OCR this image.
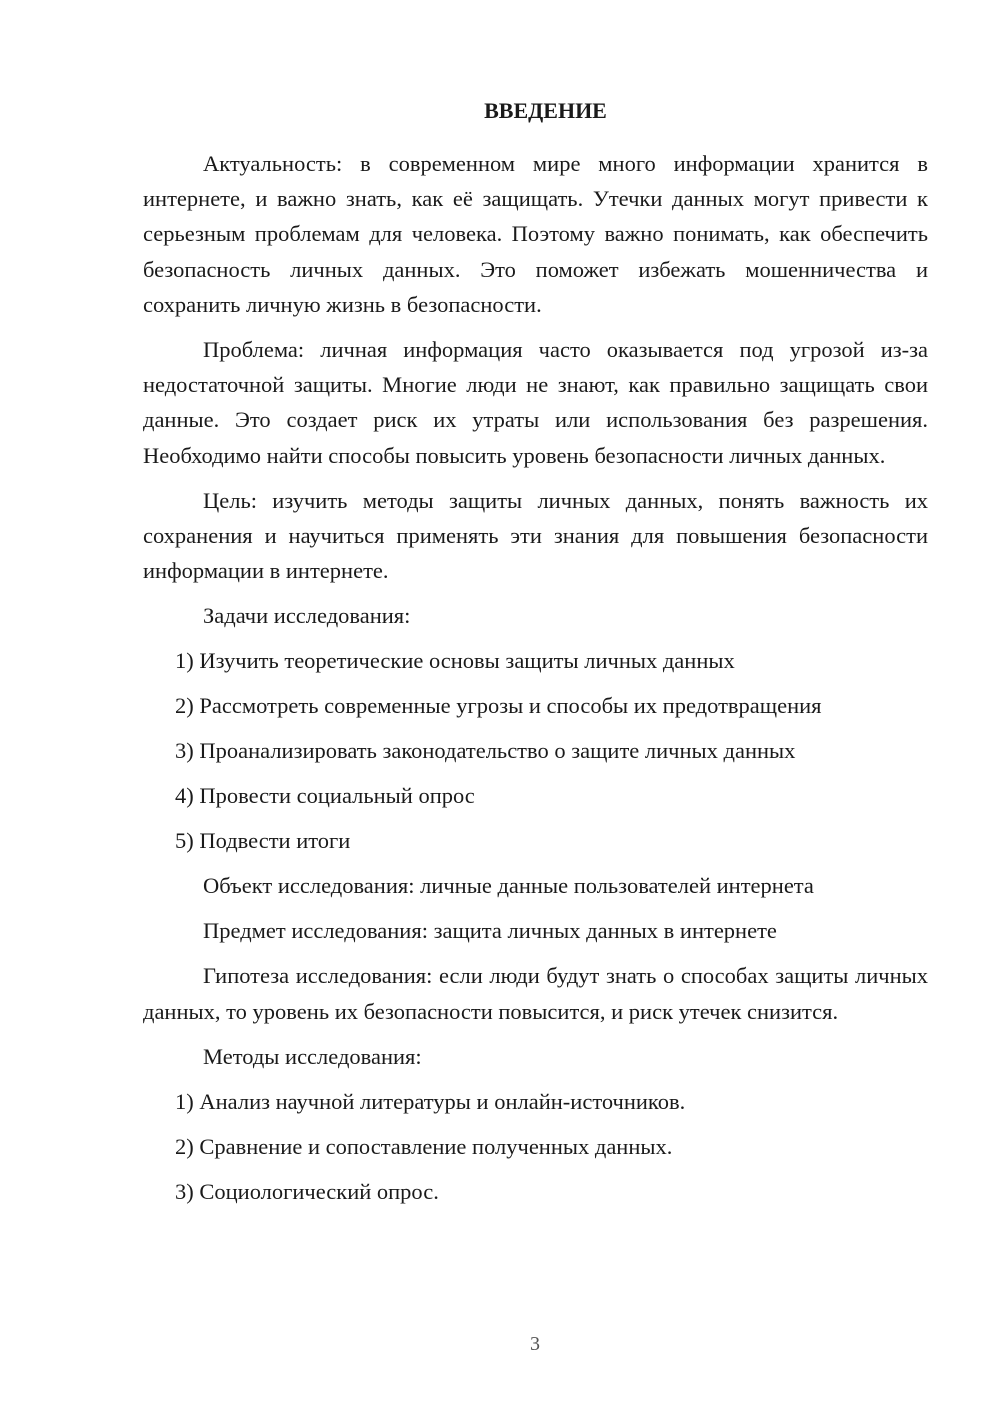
ВВЕДЕНИЕ

Актуальность: в современном мире много информации хранится в интернете, и важно знать, как её защищать. Утечки данных могут привести к серьезным проблемам для человека. Поэтому важно понимать, как обеспечить безопасность личных данных. Это поможет избежать мошенничества и сохранить личную жизнь в безопасности.

Проблема: личная информация часто оказывается под угрозой из-за недостаточной защиты. Многие люди не знают, как правильно защищать свои данные. Это создает риск их утраты или использования без разрешения. Необходимо найти способы повысить уровень безопасности личных данных.

Цель: изучить методы защиты личных данных, понять важность их сохранения и научиться применять эти знания для повышения безопасности информации в интернете.

Задачи исследования:
1) Изучить теоретические основы защиты личных данных
2) Рассмотреть современные угрозы и способы их предотвращения
3) Проанализировать законодательство о защите личных данных
4) Провести социальный опрос
5) Подвести итоги
Объект исследования: личные данные пользователей интернета
Предмет исследования: защита личных данных в интернете

Гипотеза исследования: если люди будут знать о способах защиты личных данных, то уровень их безопасности повысится, и риск утечек снизится.

Методы исследования:
1) Анализ научной литературы и онлайн-источников.
2) Сравнение и сопоставление полученных данных.
3) Социологический опрос.
3
